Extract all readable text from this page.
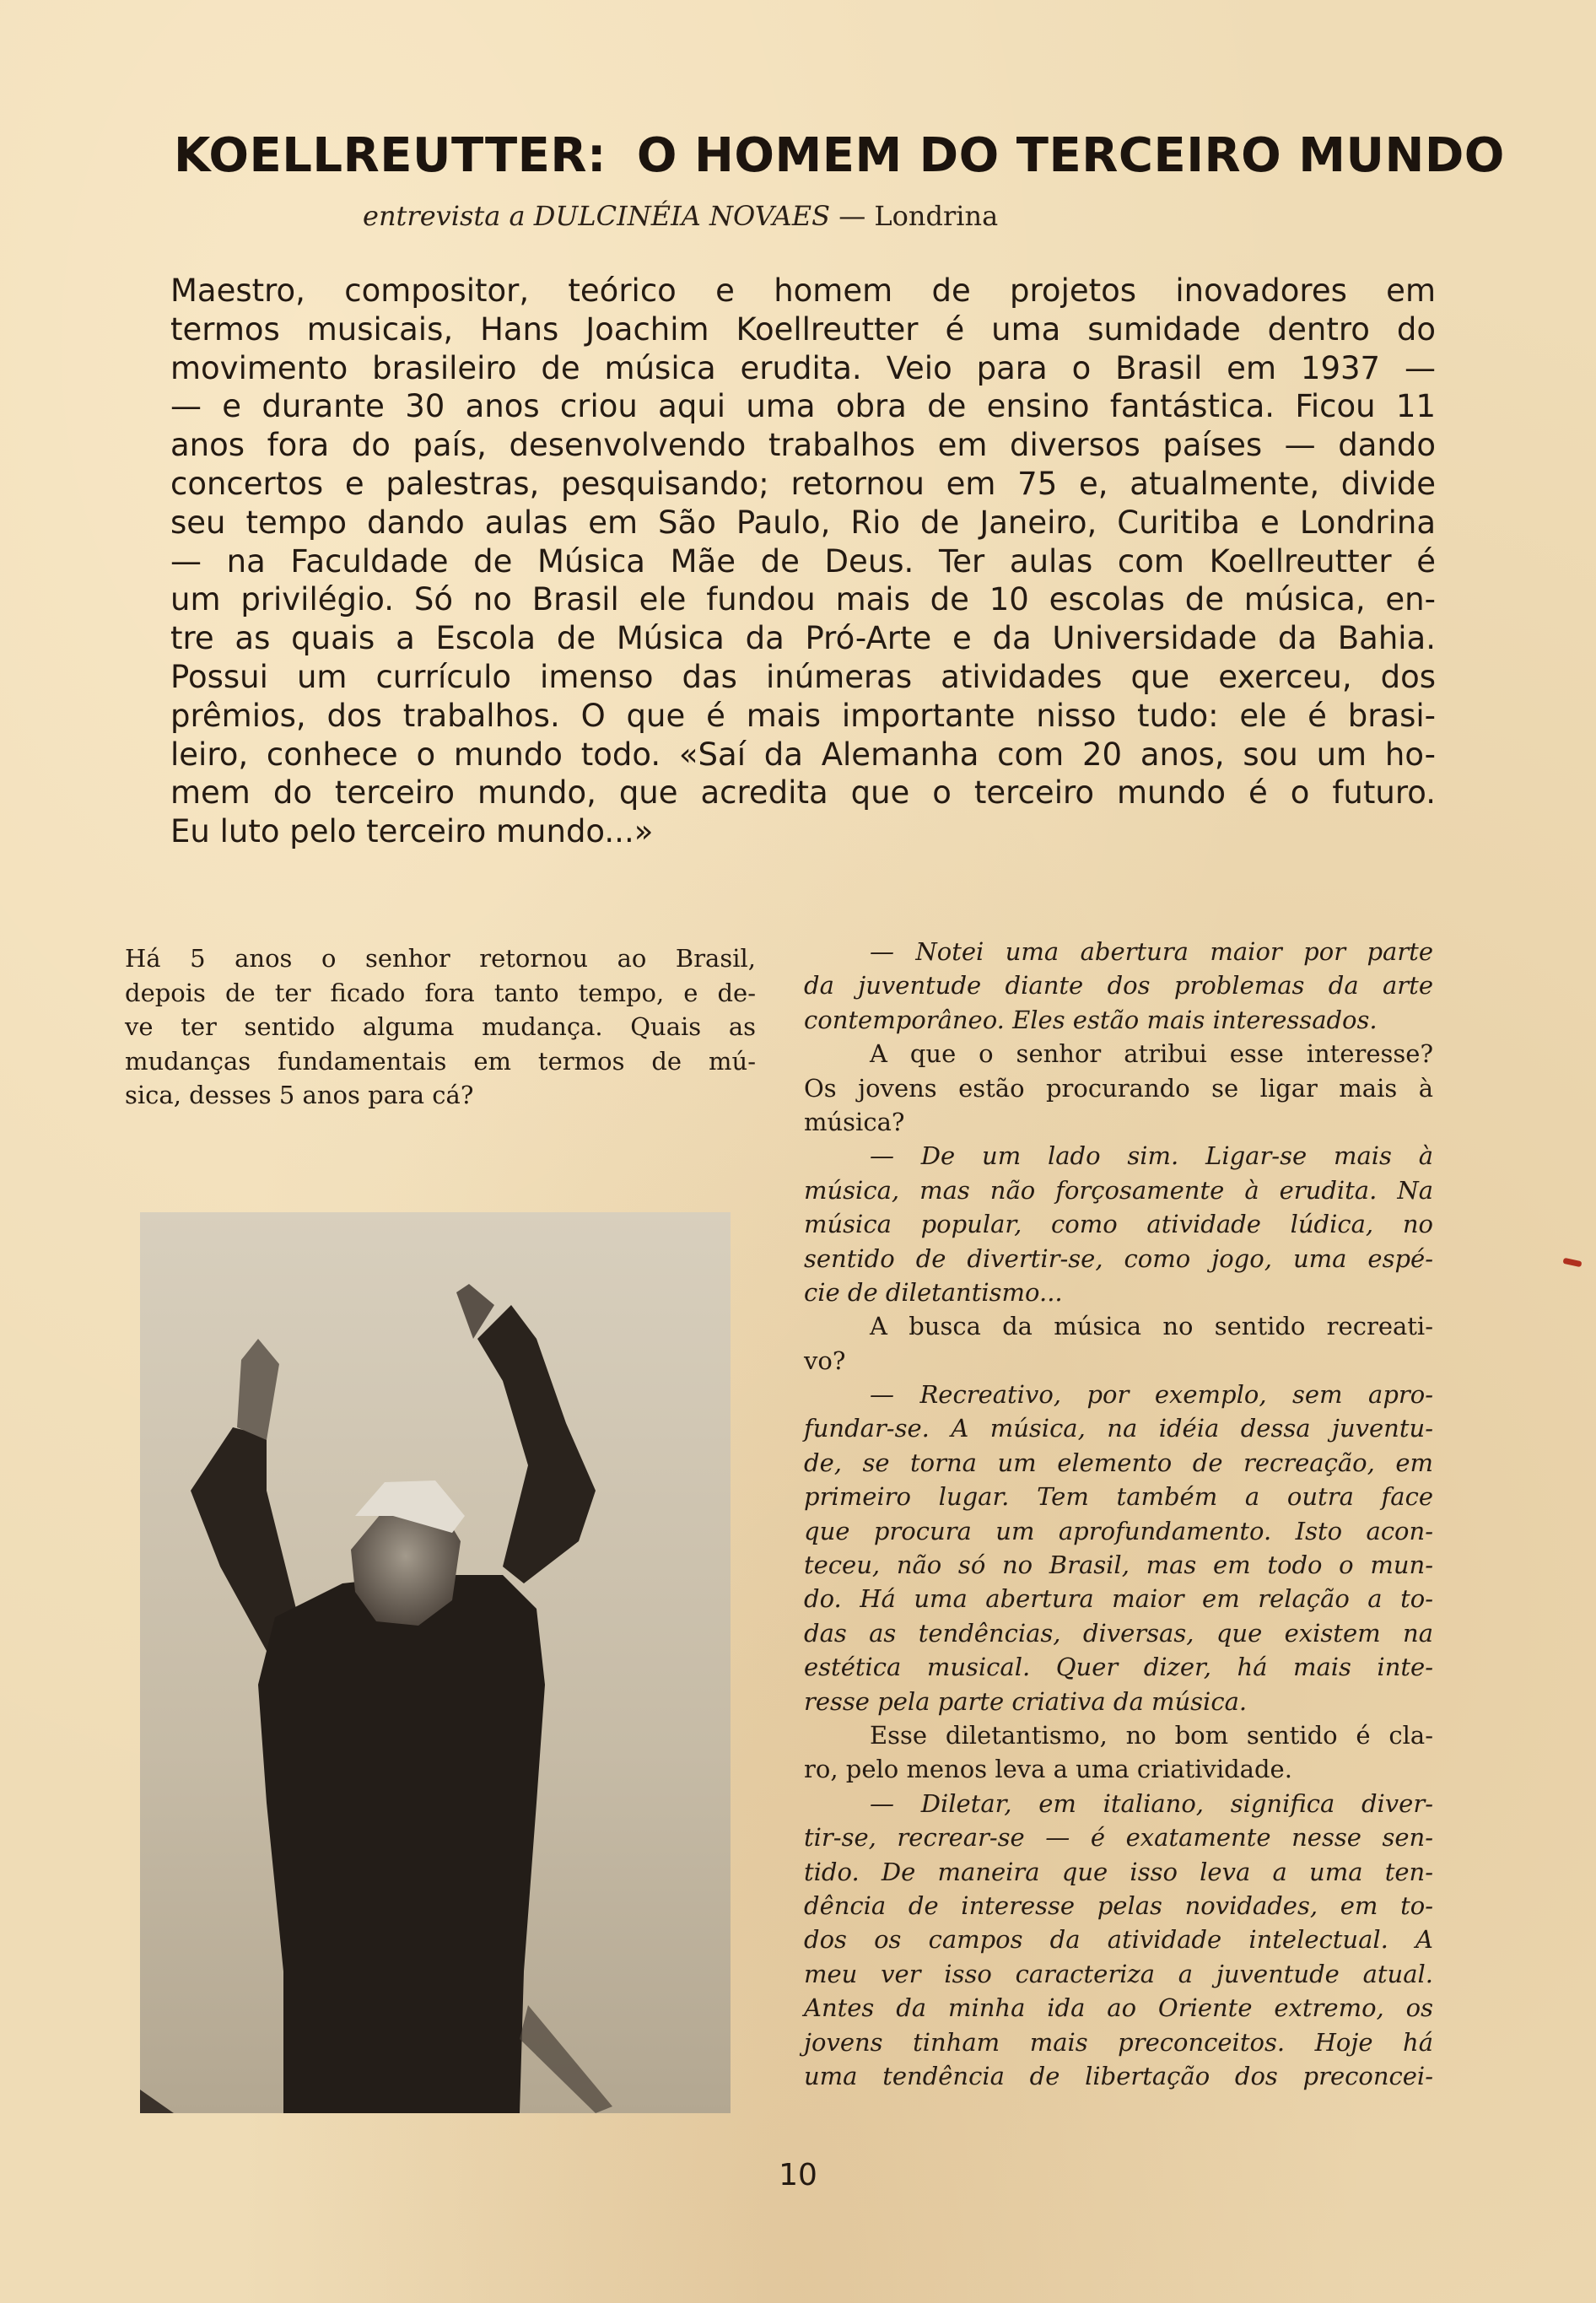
KOELLREUTTER: O HOMEM DO TERCEIRO MUNDO
entrevista a DULCINÉIA NOVAES — Londrina
Maestro, compositor, teórico e homem de projetos inovadores em
termos musicais, Hans Joachim Koellreutter é uma sumidade dentro do
movimento brasileiro de música erudita. Veio para o Brasil em 1937 —
— e durante 30 anos criou aqui uma obra de ensino fantástica. Ficou 11
anos fora do país, desenvolvendo trabalhos em diversos países — dando
concertos e palestras, pesquisando; retornou em 75 e, atualmente, divide
seu tempo dando aulas em São Paulo, Rio de Janeiro, Curitiba e Londrina
— na Faculdade de Música Mãe de Deus. Ter aulas com Koellreutter é
um privilégio. Só no Brasil ele fundou mais de 10 escolas de música, en-
tre as quais a Escola de Música da Pró-Arte e da Universidade da Bahia.
Possui um currículo imenso das inúmeras atividades que exerceu, dos
prêmios, dos trabalhos. O que é mais importante nisso tudo: ele é brasi-
leiro, conhece o mundo todo. «Saí da Alemanha com 20 anos, sou um ho-
mem do terceiro mundo, que acredita que o terceiro mundo é o futuro.
Eu luto pelo terceiro mundo...»
Há 5 anos o senhor retornou ao Brasil,
depois de ter ficado fora tanto tempo, e de-
ve ter sentido alguma mudança. Quais as
mudanças fundamentais em termos de mú-
sica, desses 5 anos para cá?
— Notei uma abertura maior por parte
da juventude diante dos problemas da arte
contemporâneo. Eles estão mais interessados.
A que o senhor atribui esse interesse?
Os jovens estão procurando se ligar mais à
música?
— De um lado sim. Ligar-se mais à
música, mas não forçosamente à erudita. Na
música popular, como atividade lúdica, no
sentido de divertir-se, como jogo, uma espé-
cie de diletantismo...
A busca da música no sentido recreati-
vo?
— Recreativo, por exemplo, sem apro-
fundar-se. A música, na idéia dessa juventu-
de, se torna um elemento de recreação, em
primeiro lugar. Tem também a outra face
que procura um aprofundamento. Isto acon-
teceu, não só no Brasil, mas em todo o mun-
do. Há uma abertura maior em relação a to-
das as tendências, diversas, que existem na
estética musical. Quer dizer, há mais inte-
resse pela parte criativa da música.
Esse diletantismo, no bom sentido é cla-
ro, pelo menos leva a uma criatividade.
— Diletar, em italiano, significa diver-
tir-se, recrear-se — é exatamente nesse sen-
tido. De maneira que isso leva a uma ten-
dência de interesse pelas novidades, em to-
dos os campos da atividade intelectual. A
meu ver isso caracteriza a juventude atual.
Antes da minha ida ao Oriente extremo, os
jovens tinham mais preconceitos. Hoje há
uma tendência de libertação dos preconcei-
10
